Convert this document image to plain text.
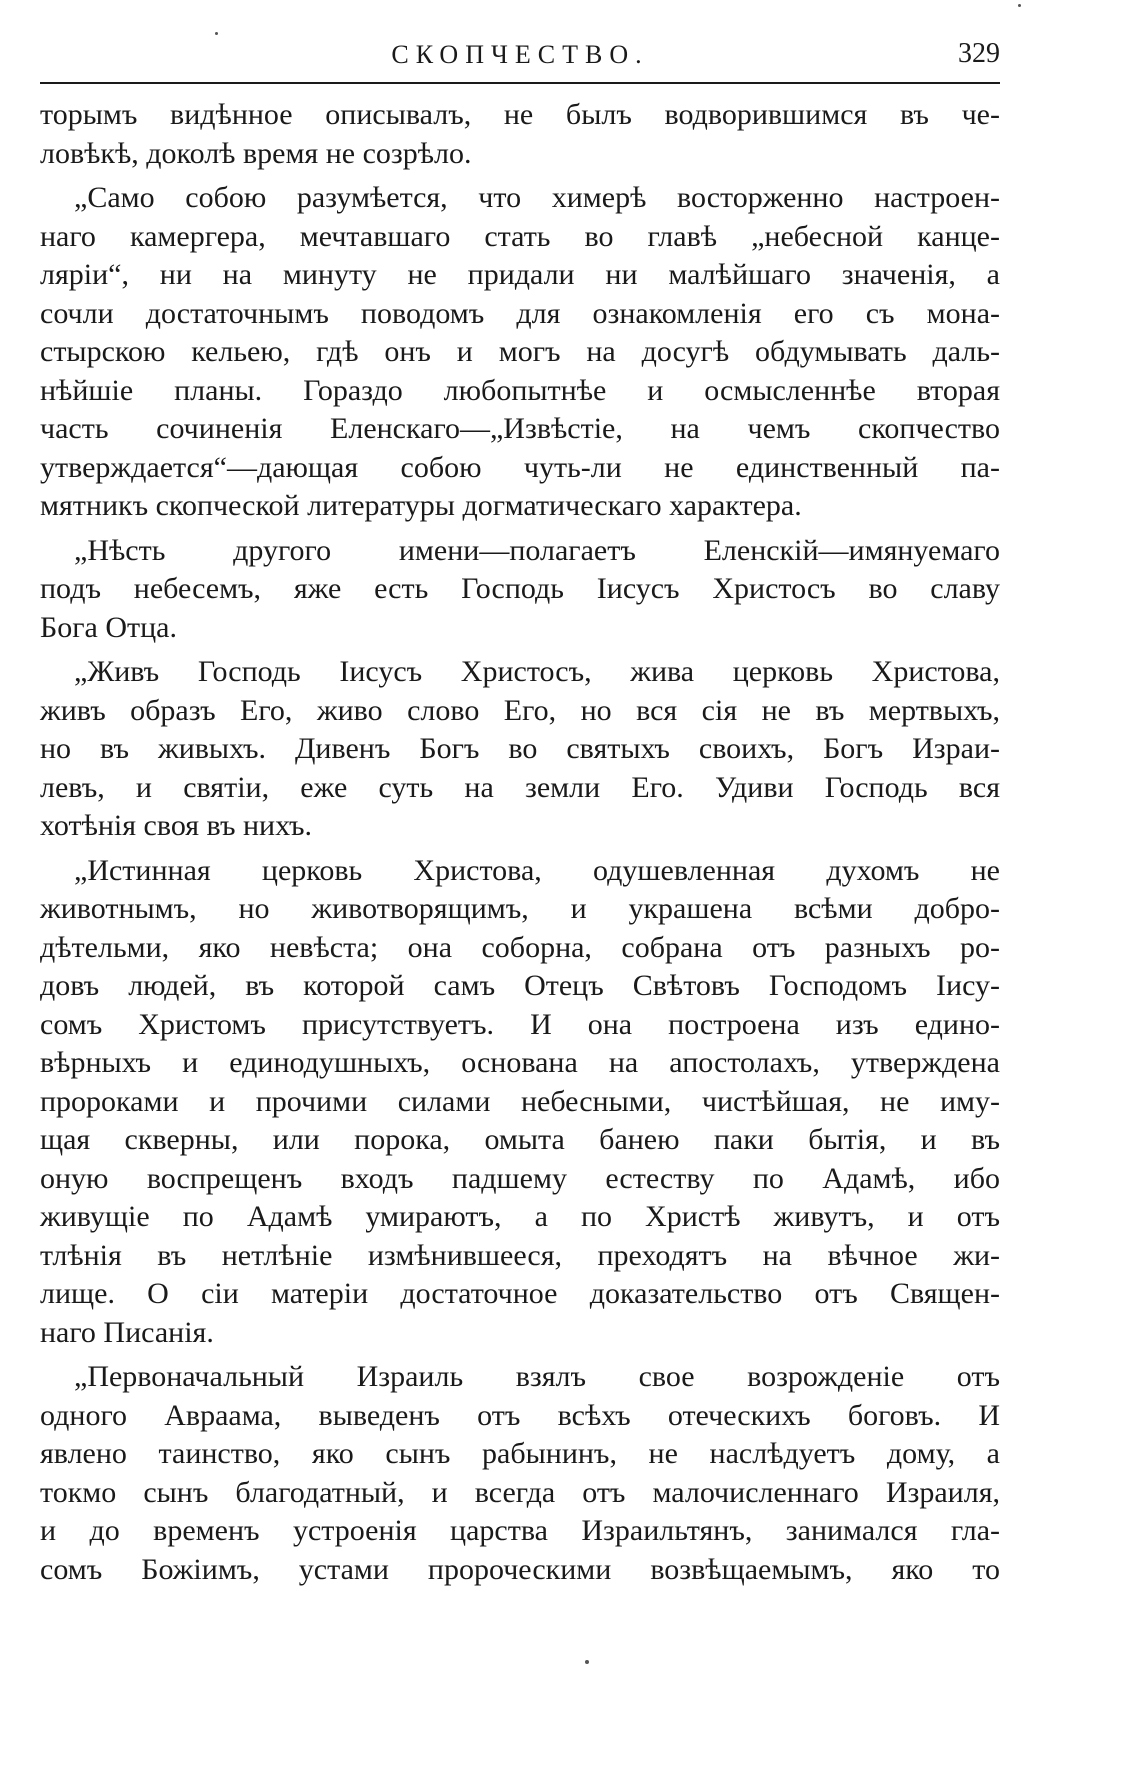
СКОПЧЕСТВО.	329

торымъ видѣнное описывалъ, не былъ водворившимся въ че-
ловѣкѣ, доколѣ время не созрѣло.

„Само собою разумѣется, что химерѣ восторженно настроен-
наго камергера, мечтавшаго стать во главѣ „небесной канце-
ляріи“, ни на минуту не придали ни малѣйшаго значенія, а
сочли достаточнымъ поводомъ для ознакомленія его съ мона-
стырскою кельею, гдѣ онъ и могъ на досугѣ обдумывать даль-
нѣйшіе планы. Гораздо любопытнѣе и осмысленнѣе вторая
часть сочиненія Еленскаго—„Извѣстіе, на чемъ скопчество
утверждается“—дающая собою чуть-ли не единственный па-
мятникъ скопческой литературы догматическаго характера.

„Нѣсть другого имени—полагаетъ Еленскій—имянуемаго
подъ небесемъ, яже есть Господь Іисусъ Христосъ во славу
Бога Отца.

„Живъ Господь Іисусъ Христосъ, жива церковь Христова,
живъ образъ Его, живо слово Его, но вся сія не въ мертвыхъ,
но въ живыхъ. Дивенъ Богъ во святыхъ своихъ, Богъ Израи-
левъ, и святіи, еже суть на земли Его. Удиви Господь вся
хотѣнія своя въ нихъ.

„Истинная церковь Христова, одушевленная духомъ не
животнымъ, но животворящимъ, и украшена всѣми добро-
дѣтельми, яко невѣста; она соборна, собрана отъ разныхъ ро-
довъ людей, въ которой самъ Отецъ Свѣтовъ Господомъ Іису-
сомъ Христомъ присутствуетъ. И она построена изъ едино-
вѣрныхъ и единодушныхъ, основана на апостолахъ, утверждена
пророками и прочими силами небесными, чистѣйшая, не иму-
щая скверны, или порока, омыта банею паки бытія, и въ
оную воспрещенъ входъ падшему естеству по Адамѣ, ибо
живущіе по Адамѣ умираютъ, а по Христѣ живутъ, и отъ
тлѣнія въ нетлѣніе измѣнившееся, преходятъ на вѣчное жи-
лище. О сіи матеріи достаточное доказательство отъ Священ-
наго Писанія.

„Первоначальный Израиль взялъ свое возрожденіе отъ
одного Авраама, выведенъ отъ всѣхъ отеческихъ боговъ. И
явлено таинство, яко сынъ рабынинъ, не наслѣдуетъ дому, а
токмо сынъ благодатный, и всегда отъ малочисленнаго Израиля,
и до временъ устроенія царства Израильтянъ, занимался гла-
сомъ Божіимъ, устами пророческими возвѣщаемымъ, яко то
